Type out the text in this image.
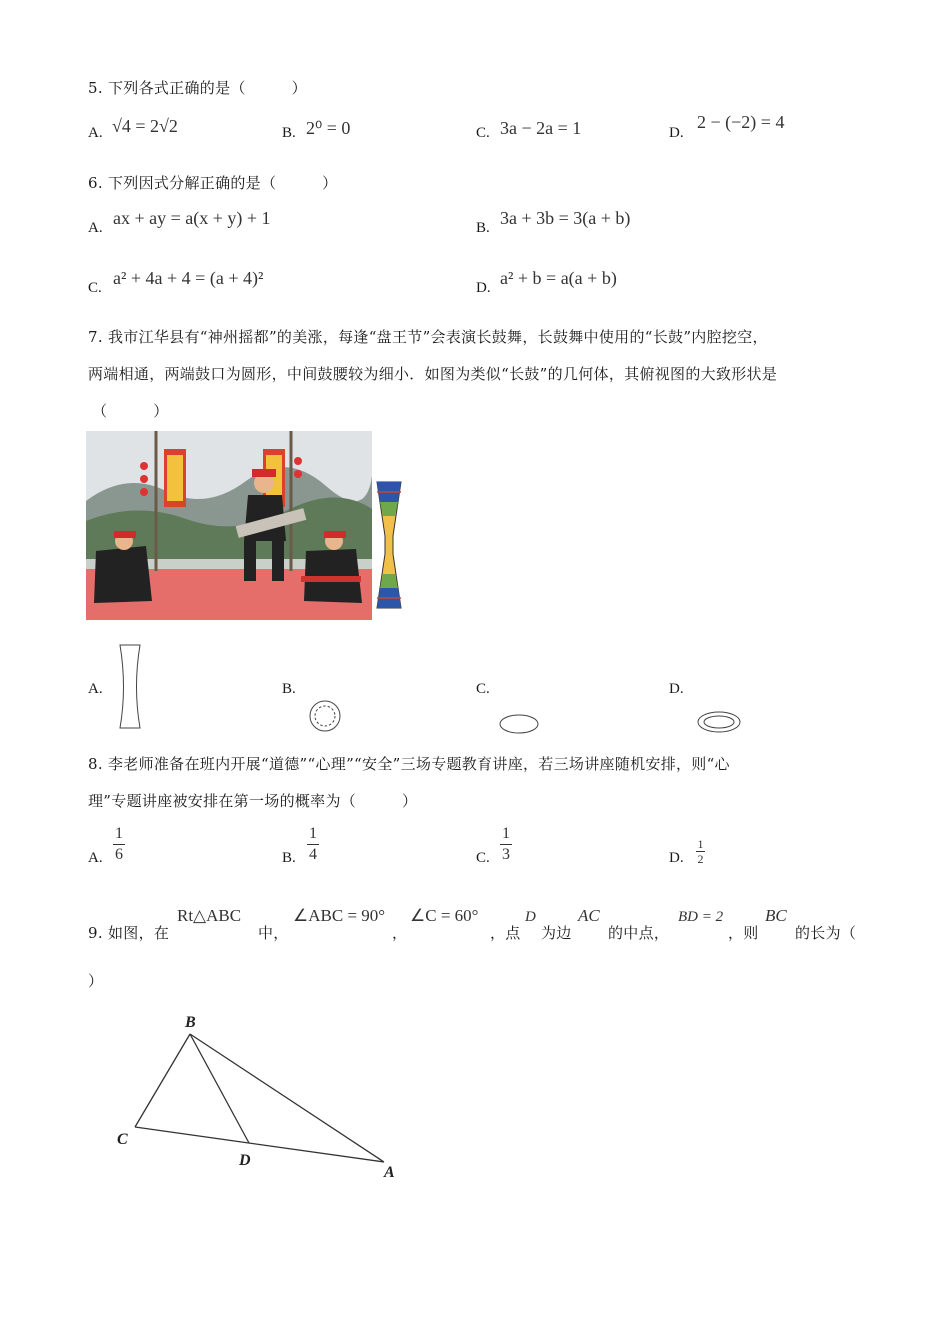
5. 下列各式正确的是（　　　）
A. √4 = 2√2	B. 2⁰ = 0	C. 3a − 2a = 1	D.
2 − (−2) = 4
6. 下列因式分解正确的是（　　　）
A. ax + ay = a(x + y) + 1	B. 3a + 3b = 3(a + b)
C. a² + 4a + 4 = (a + 4)²	D. a² + b = a(a + b)
7. 我市江华县有“神州摇都”的美涨，每逢“盘王节”会表演长鼓舞，长鼓舞中使用的“长鼓”内腔挖空，
两端相通，两端鼓口为圆形，中间鼓腰较为细小．如图为类似“长鼓”的几何体，其俯视图的大致形状是
（　　　）
A.	B.	C.	D.
8. 李老师准备在班内开展“道德”“心理”“安全”三场专题教育讲座，若三场讲座随机安排，则“心
理”专题讲座被安排在第一场的概率为（　　　）
A.
1
6	B.
1
4	C.
1
3	D.
1
2
9. 如图，在
Rt△ABC
中，
∠ABC = 90°
，
∠C = 60°
，点
D
为边
AC
的中点，
BD = 2
，则
BC
的长为（
）
B
C
D
A
